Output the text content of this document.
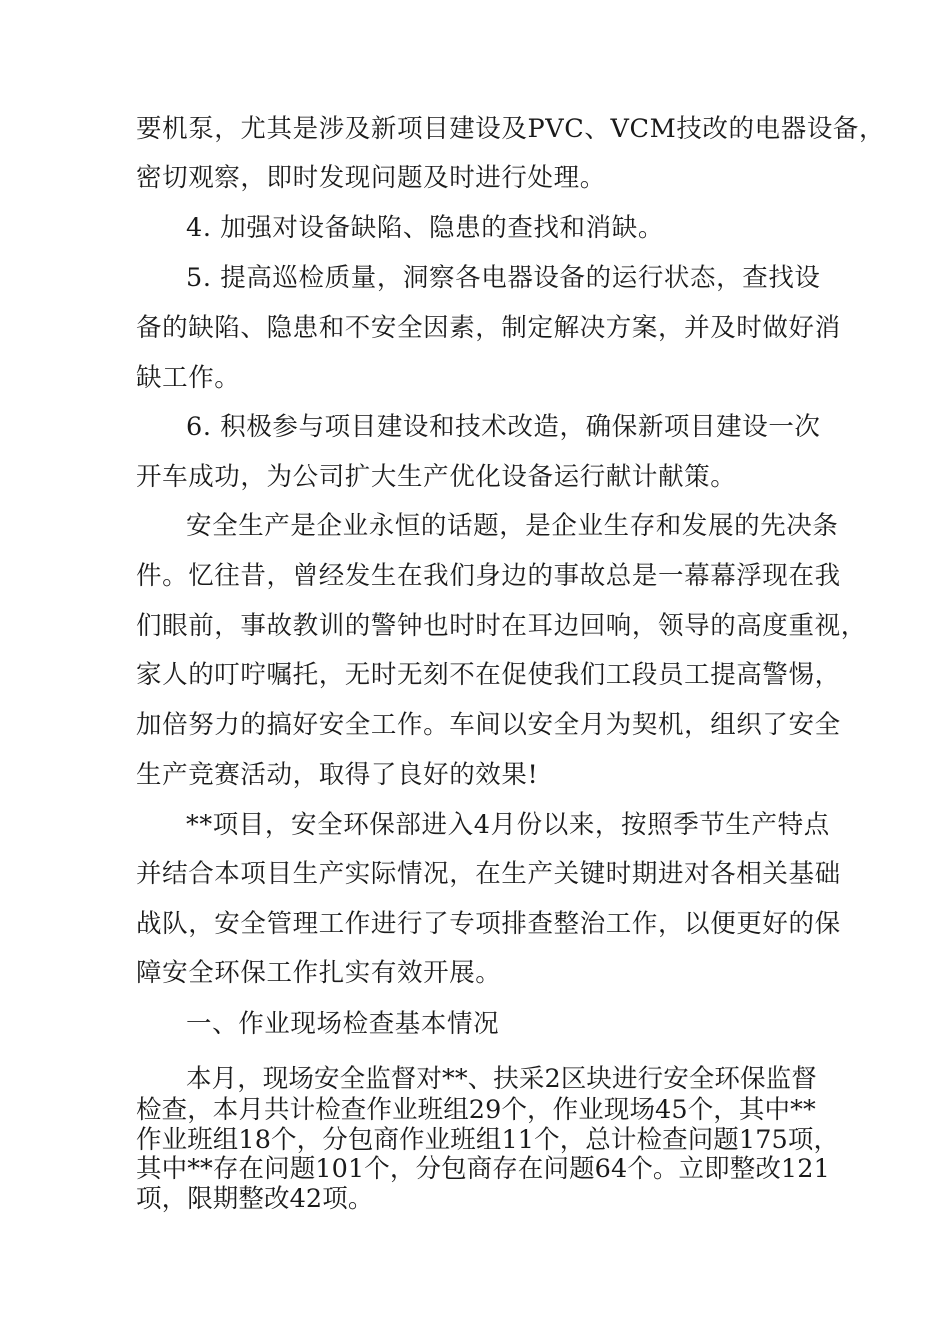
要机泵，尤其是涉及新项目建设及PVC、VCM技改的电器设备，
密切观察，即时发现问题及时进行处理。
4. 加强对设备缺陷、隐患的查找和消缺。
5. 提高巡检质量，洞察各电器设备的运行状态，查找设
备的缺陷、隐患和不安全因素，制定解决方案，并及时做好消
缺工作。
6. 积极参与项目建设和技术改造，确保新项目建设一次
开车成功，为公司扩大生产优化设备运行献计献策。
安全生产是企业永恒的话题，是企业生存和发展的先决条
件。忆往昔，曾经发生在我们身边的事故总是一幕幕浮现在我
们眼前，事故教训的警钟也时时在耳边回响，领导的高度重视，
家人的叮咛嘱托，无时无刻不在促使我们工段员工提高警惕，
加倍努力的搞好安全工作。车间以安全月为契机，组织了安全
生产竞赛活动，取得了良好的效果!
**项目，安全环保部进入4月份以来，按照季节生产特点
并结合本项目生产实际情况，在生产关键时期进对各相关基础
战队，安全管理工作进行了专项排查整治工作，以便更好的保
障安全环保工作扎实有效开展。
一、作业现场检查基本情况
本月，现场安全监督对**、扶采2区块进行安全环保监督
检查，本月共计检查作业班组29个，作业现场45个，其中**
作业班组18个，分包商作业班组11个，总计检查问题175项，
其中**存在问题101个，分包商存在问题64个。立即整改121
项，限期整改42项。
